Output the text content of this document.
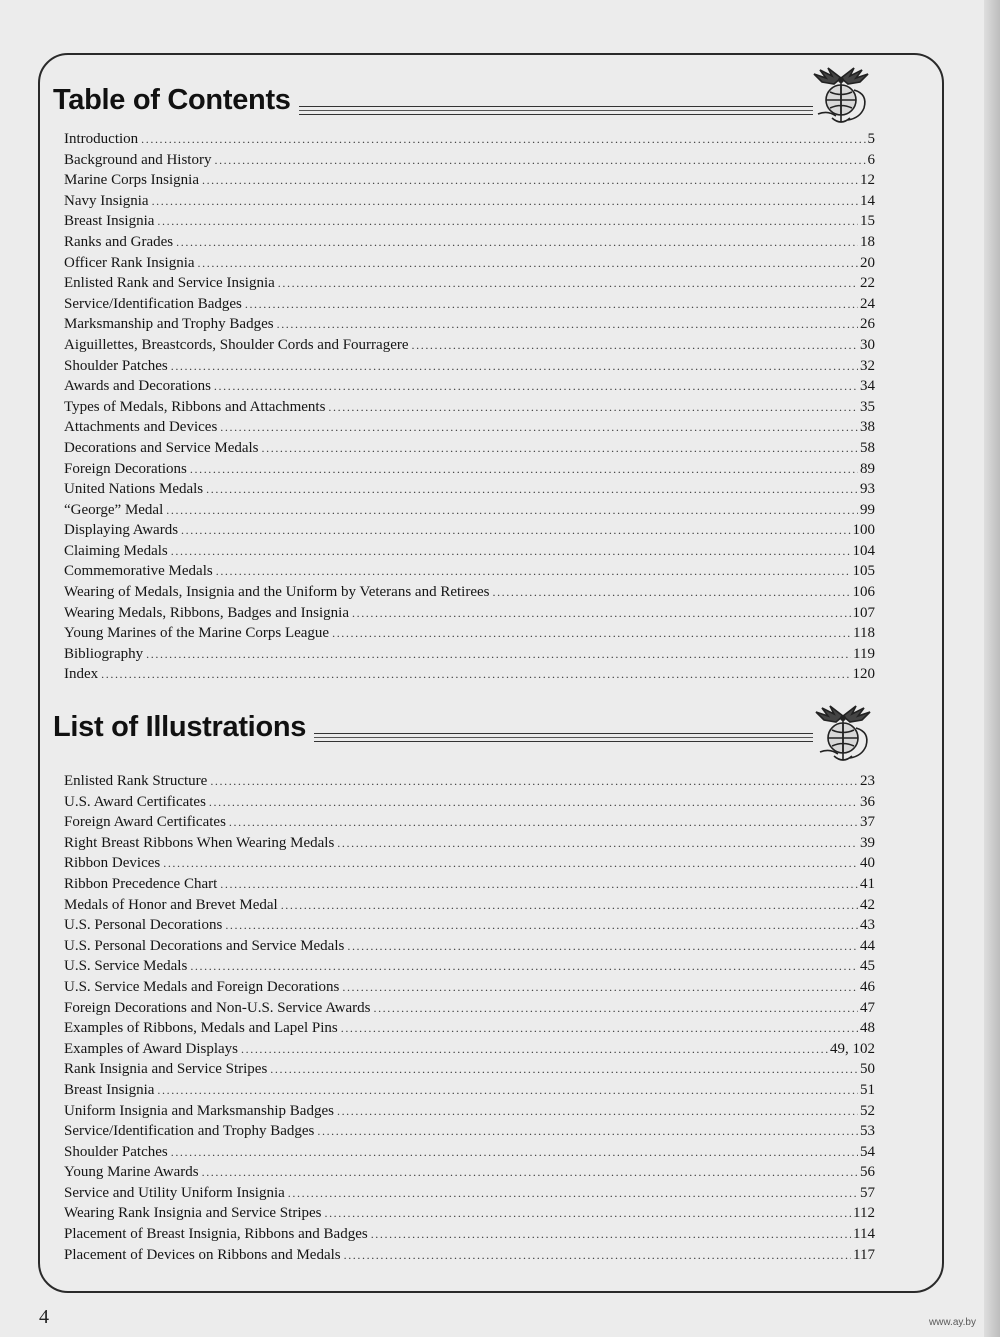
Table of Contents
Introduction .....	5
Background and History .....	6
Marine Corps Insignia .....	12
Navy Insignia .....	14
Breast Insignia .....	15
Ranks and Grades .....	18
Officer Rank Insignia .....	20
Enlisted Rank and Service Insignia .....	22
Service/Identification Badges .....	24
Marksmanship and Trophy Badges .....	26
Aiguillettes, Breastcords, Shoulder Cords and Fourragere .....	30
Shoulder Patches .....	32
Awards and Decorations .....	34
Types of Medals, Ribbons and Attachments .....	35
Attachments and Devices .....	38
Decorations and Service Medals .....	58
Foreign Decorations .....	89
United Nations Medals .....	93
“George” Medal .....	99
Displaying Awards .....	100
Claiming Medals .....	104
Commemorative Medals .....	105
Wearing of Medals, Insignia and the Uniform by Veterans and Retirees .....	106
Wearing Medals, Ribbons, Badges and Insignia .....	107
Young Marines of the Marine Corps League .....	118
Bibliography .....	119
Index .....	120
List of Illustrations
Enlisted Rank Structure .....	23
U.S. Award Certificates .....	36
Foreign Award Certificates .....	37
Right Breast Ribbons When Wearing Medals .....	39
Ribbon Devices .....	40
Ribbon Precedence Chart .....	41
Medals of Honor and Brevet Medal .....	42
U.S. Personal Decorations .....	43
U.S. Personal Decorations and Service Medals .....	44
U.S. Service Medals .....	45
U.S. Service Medals and Foreign Decorations .....	46
Foreign Decorations and Non-U.S. Service Awards .....	47
Examples of Ribbons, Medals and Lapel Pins .....	48
Examples of Award Displays .....	49, 102
Rank Insignia and Service Stripes .....	50
Breast Insignia .....	51
Uniform Insignia and Marksmanship Badges .....	52
Service/Identification and Trophy Badges .....	53
Shoulder Patches .....	54
Young Marine Awards .....	56
Service and Utility Uniform Insignia .....	57
Wearing Rank Insignia and Service Stripes .....	112
Placement of Breast Insignia, Ribbons and Badges .....	114
Placement of Devices on Ribbons and Medals .....	117
4	www.ay.by
